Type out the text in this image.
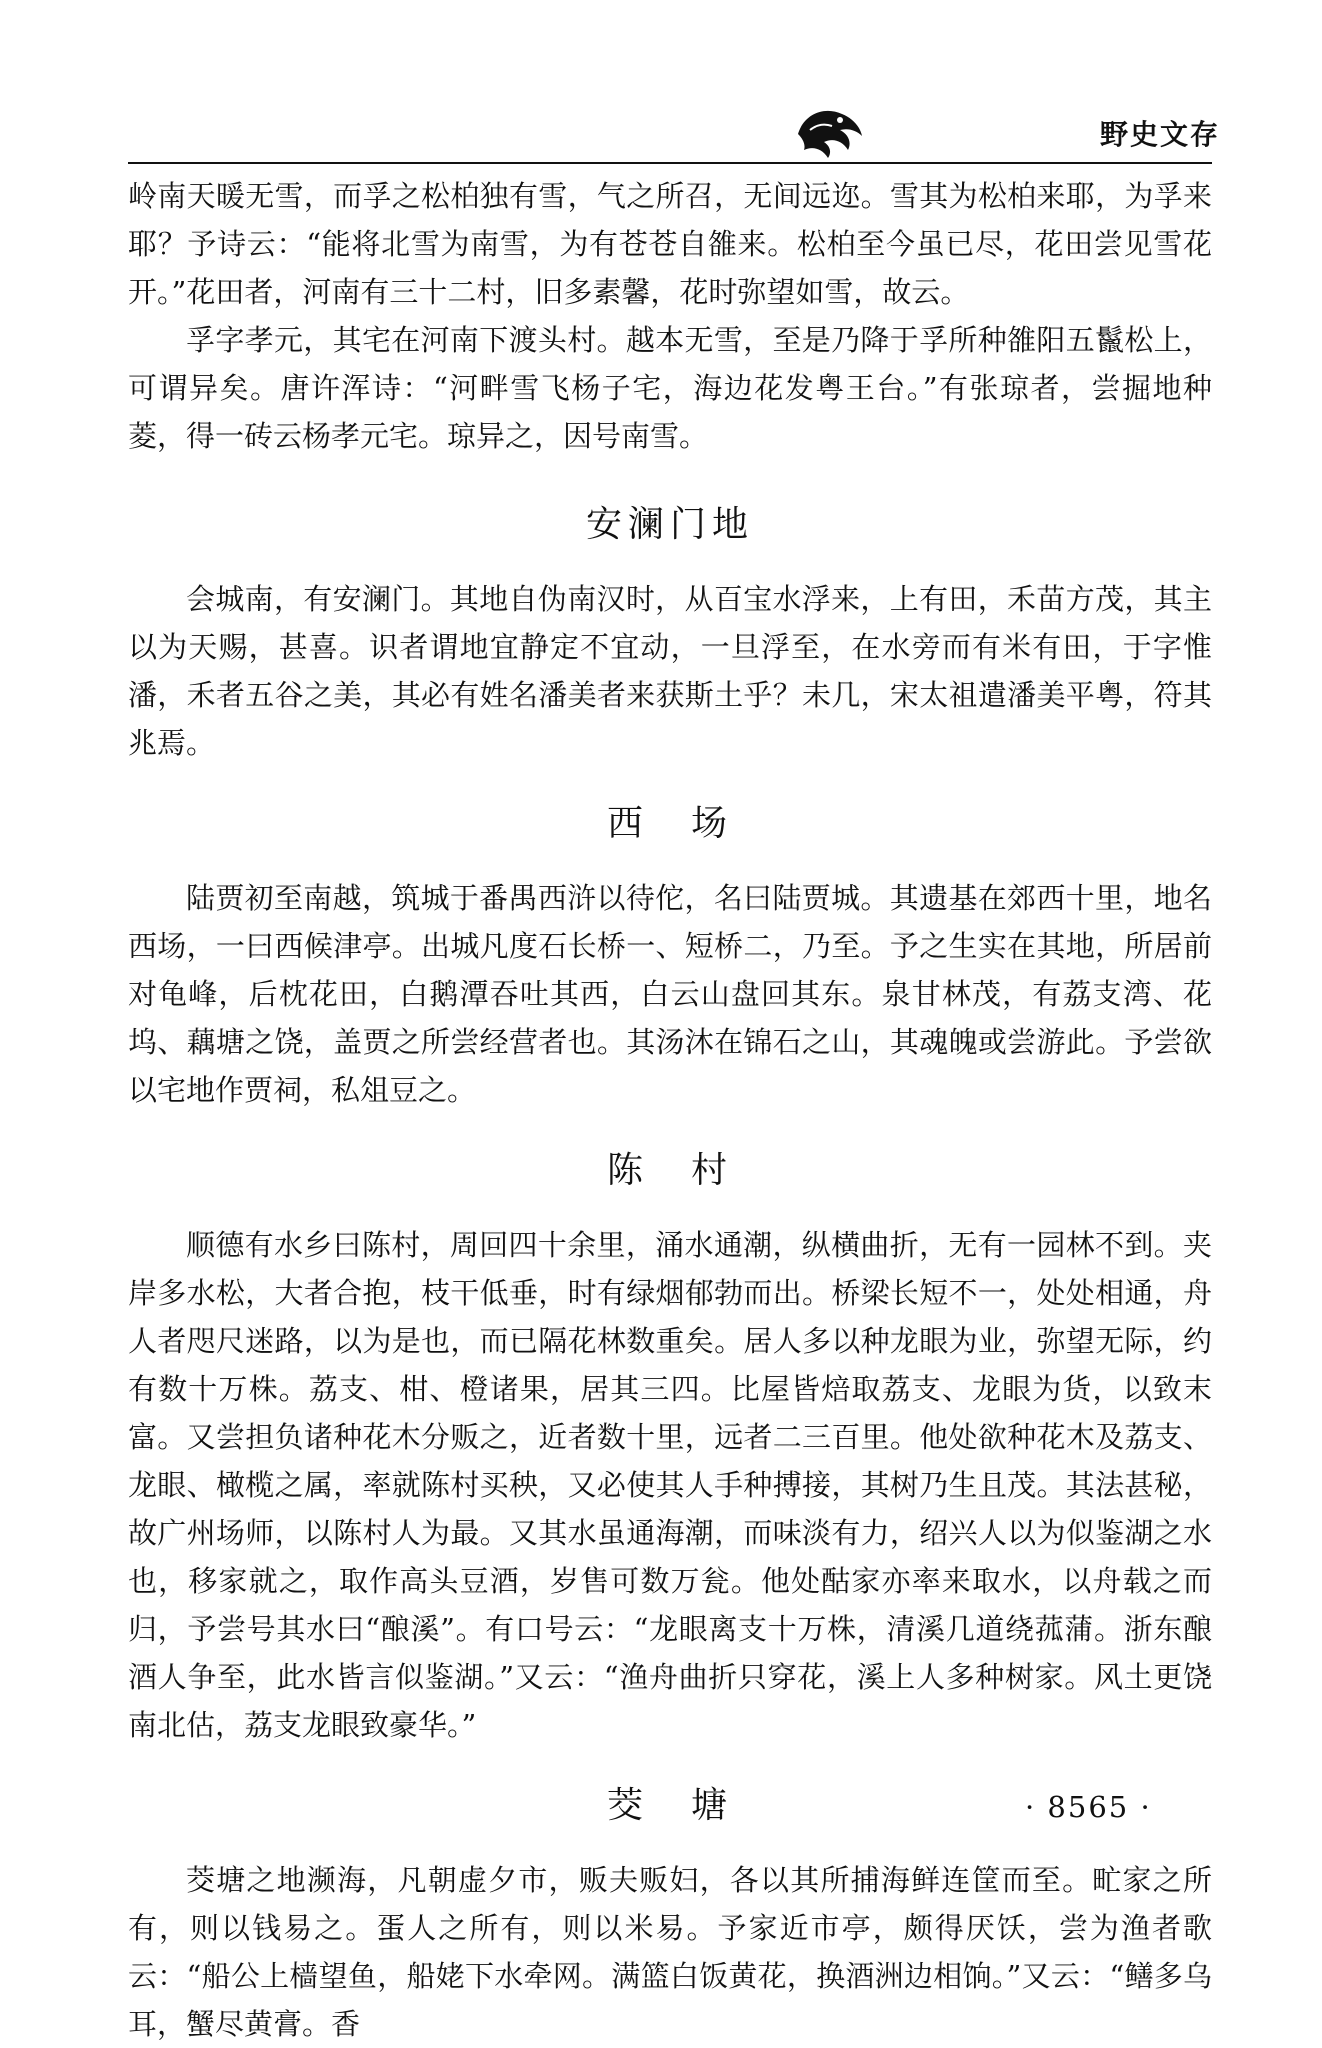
野史文存

岭南天暖无雪，而孚之松柏独有雪，气之所召，无间远迩。雪其为松柏来耶，为孚来耶？予诗云：“能将北雪为南雪，为有苍苍自雒来。松柏至今虽已尽，花田尝见雪花开。”花田者，河南有三十二村，旧多素馨，花时弥望如雪，故云。

孚字孝元，其宅在河南下渡头村。越本无雪，至是乃降于孚所种雒阳五鬣松上，可谓异矣。唐许浑诗：“河畔雪飞杨子宅，海边花发粤王台。”有张琼者，尝掘地种菱，得一砖云杨孝元宅。琼异之，因号南雪。

安澜门地

会城南，有安澜门。其地自伪南汉时，从百宝水浮来，上有田，禾苗方茂，其主以为天赐，甚喜。识者谓地宜静定不宜动，一旦浮至，在水旁而有米有田，于字惟潘，禾者五谷之美，其必有姓名潘美者来获斯土乎？未几，宋太祖遣潘美平粤，符其兆焉。

西　场

陆贾初至南越，筑城于番禺西浒以待佗，名曰陆贾城。其遗基在郊西十里，地名西场，一曰西候津亭。出城凡度石长桥一、短桥二，乃至。予之生实在其地，所居前对龟峰，后枕花田，白鹅潭吞吐其西，白云山盘回其东。泉甘林茂，有荔支湾、花坞、藕塘之饶，盖贾之所尝经营者也。其汤沐在锦石之山，其魂魄或尝游此。予尝欲以宅地作贾祠，私俎豆之。

陈　村

顺德有水乡曰陈村，周回四十余里，涌水通潮，纵横曲折，无有一园林不到。夹岸多水松，大者合抱，枝干低垂，时有绿烟郁勃而出。桥梁长短不一，处处相通，舟人者咫尺迷路，以为是也，而已隔花林数重矣。居人多以种龙眼为业，弥望无际，约有数十万株。荔支、柑、橙诸果，居其三四。比屋皆焙取荔支、龙眼为货，以致末富。又尝担负诸种花木分贩之，近者数十里，远者二三百里。他处欲种花木及荔支、龙眼、橄榄之属，率就陈村买秧，又必使其人手种搏接，其树乃生且茂。其法甚秘，故广州场师，以陈村人为最。又其水虽通海潮，而味淡有力，绍兴人以为似鉴湖之水也，移家就之，取作高头豆酒，岁售可数万瓮。他处酤家亦率来取水，以舟载之而归，予尝号其水曰“酿溪”。有口号云：“龙眼离支十万株，清溪几道绕菰蒲。浙东酿酒人争至，此水皆言似鉴湖。”又云：“渔舟曲折只穿花，溪上人多种树家。风土更饶南北估，荔支龙眼致豪华。”

茭　塘

茭塘之地濒海，凡朝虚夕市，贩夫贩妇，各以其所捕海鲜连筐而至。甿家之所有，则以钱易之。蛋人之所有，则以米易。予家近市亭，颇得厌饫，尝为渔者歌云：“船公上樯望鱼，船姥下水牵网。满篮白饭黄花，换酒洲边相饷。”又云：“鳝多乌耳，蟹尽黄膏。香

· 8565 ·
